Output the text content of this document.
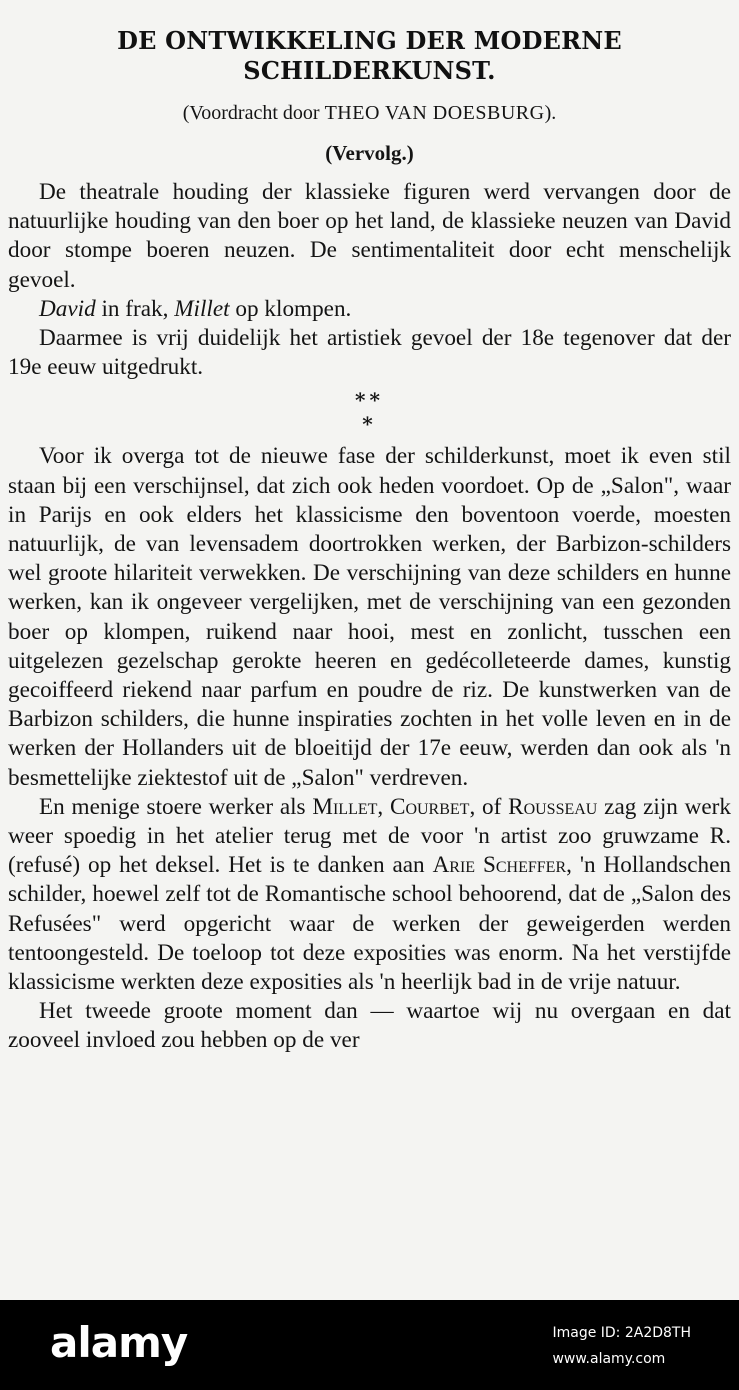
DE ONTWIKKELING DER MODERNE
SCHILDERKUNST.
(Voordracht door THEO VAN DOESBURG).
(Vervolg.)

De theatrale houding der klassieke figuren werd vervangen door de natuurlijke houding van den boer op het land, de klassieke neuzen van David door stompe boeren neuzen. De sentimentaliteit door echt menschelijk gevoel.

David in frak, Millet op klompen.

Daarmee is vrij duidelijk het artistiek gevoel der 18e tegenover dat der 19e eeuw uitgedrukt.

**
*

Voor ik overga tot de nieuwe fase der schilderkunst, moet ik even stil staan bij een verschijnsel, dat zich ook heden voordoet. Op de „Salon", waar in Parijs en ook elders het klassicisme den boventoon voerde, moesten natuurlijk, de van levensadem doortrokken werken, der Barbizon-schilders wel groote hilariteit verwekken. De verschijning van deze schilders en hunne werken, kan ik ongeveer vergelijken, met de verschijning van een gezonden boer op klompen, ruikend naar hooi, mest en zonlicht, tusschen een uitgelezen gezelschap gerokte heeren en gedécolleteerde dames, kunstig gecoiffeerd riekend naar parfum en poudre de riz. De kunstwerken van de Barbizon schilders, die hunne inspiraties zochten in het volle leven en in de werken der Hollanders uit de bloeitijd der 17e eeuw, werden dan ook als 'n besmettelijke ziektestof uit de „Salon" verdreven.

En menige stoere werker als Millet, Courbet, of Rousseau zag zijn werk weer spoedig in het atelier terug met de voor 'n artist zoo gruwzame R. (refusé) op het deksel. Het is te danken aan Arie Scheffer, 'n Hollandschen schilder, hoewel zelf tot de Romantische school behoorend, dat de „Salon des Refusées" werd opgericht waar de werken der geweigerden werden tentoongesteld. De toeloop tot deze exposities was enorm. Na het verstijfde klassicisme werkten deze exposities als 'n heerlijk bad in de vrije natuur.

Het tweede groote moment dan — waartoe wij nu overgaan en dat zooveel invloed zou hebben op de ver

alamy	Image ID: 2A2D8TH
www.alamy.com
